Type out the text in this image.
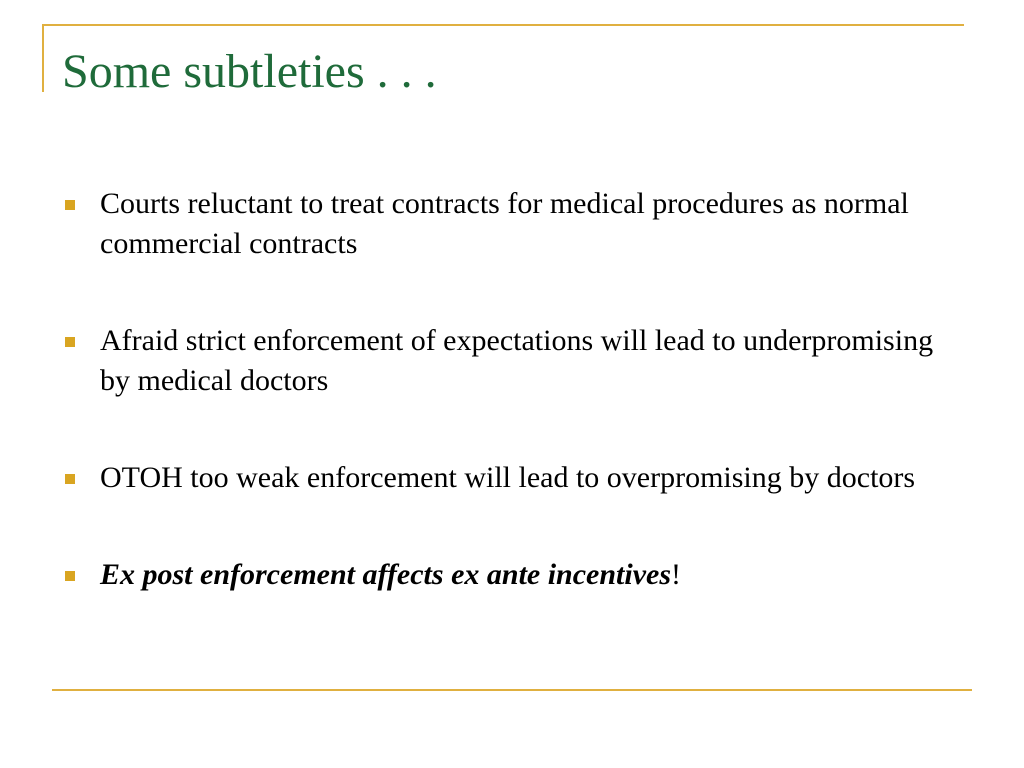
Some subtleties . . .
Courts reluctant to treat contracts for medical procedures as normal commercial contracts
Afraid strict enforcement of expectations will lead to underpromising by medical doctors
OTOH too weak enforcement will lead to overpromising by doctors
Ex post enforcement affects ex ante incentives!
